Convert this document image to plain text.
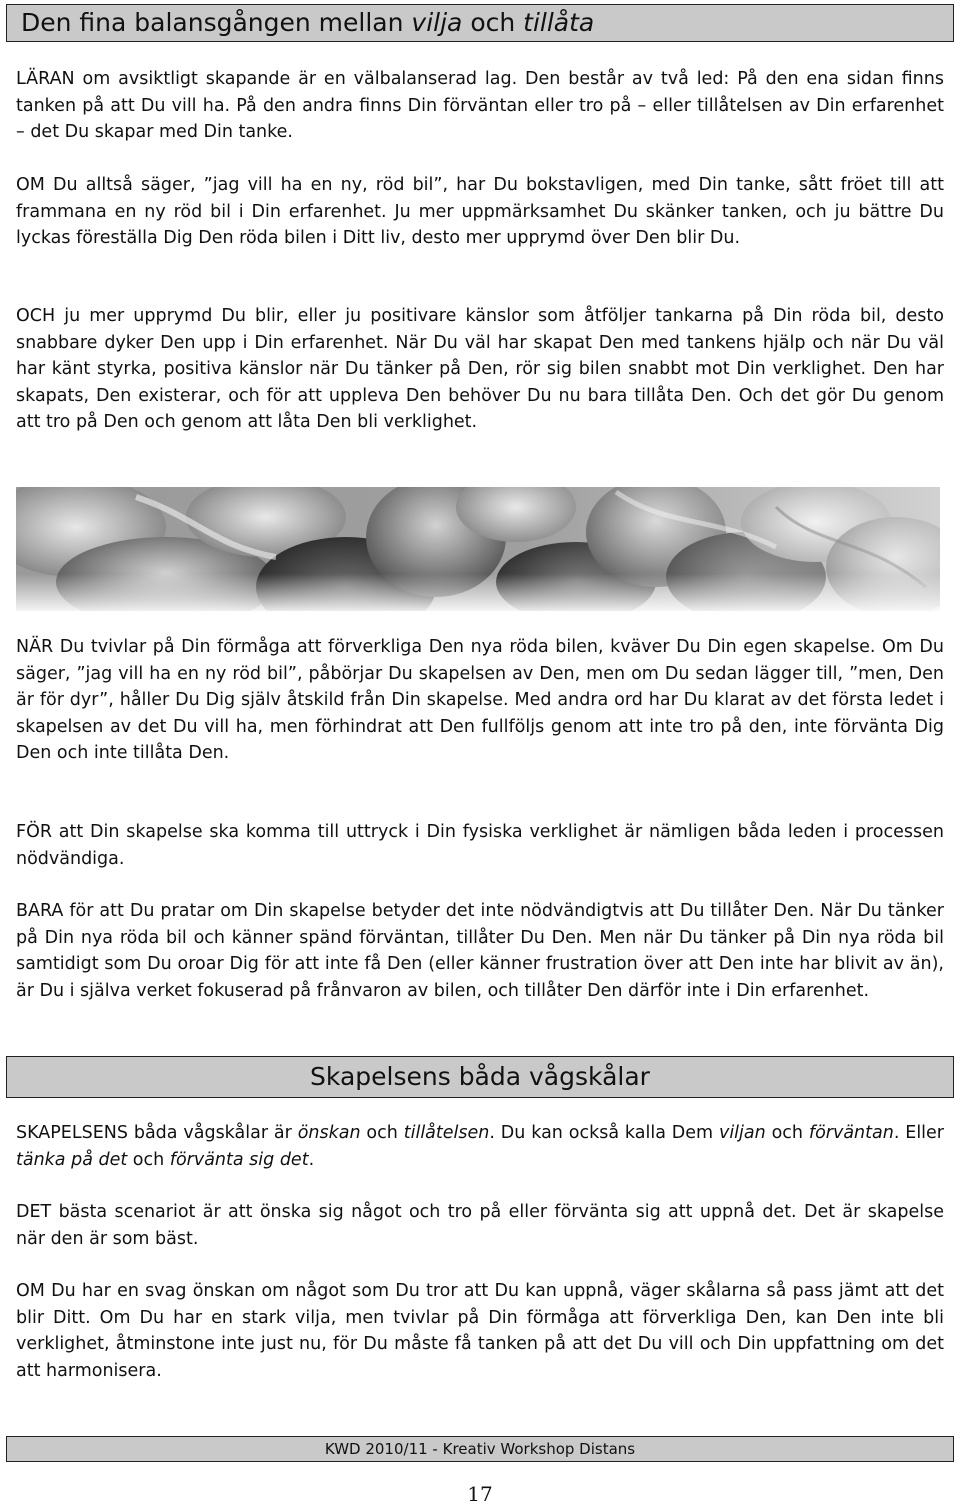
Den fina balansgången mellan vilja och tillåta

LÄRAN om avsiktligt skapande är en välbalanserad lag. Den består av två led: På den ena sidan finns tanken på att Du vill ha. På den andra finns Din förväntan eller tro på – eller tillåtelsen av Din erfarenhet – det Du skapar med Din tanke.

OM Du alltså säger, ”jag vill ha en ny, röd bil”, har Du bokstavligen, med Din tanke, sått fröet till att frammana en ny röd bil i Din erfarenhet. Ju mer uppmärksamhet Du skänker tanken, och ju bättre Du lyckas föreställa Dig Den röda bilen i Ditt liv, desto mer upprymd över Den blir Du.

OCH ju mer upprymd Du blir, eller ju positivare känslor som åtföljer tankarna på Din röda bil, desto snabbare dyker Den upp i Din erfarenhet. När Du väl har skapat Den med tankens hjälp och när Du väl har känt styrka, positiva känslor när Du tänker på Den, rör sig bilen snabbt mot Din verklighet. Den har skapats, Den existerar, och för att uppleva Den behöver Du nu bara tillåta Den. Och det gör Du genom att tro på Den och genom att låta Den bli verklighet.

NÄR Du tvivlar på Din förmåga att förverkliga Den nya röda bilen, kväver Du Din egen skapelse. Om Du säger, ”jag vill ha en ny röd bil”, påbörjar Du skapelsen av Den, men om Du sedan lägger till, ”men, Den är för dyr”, håller Du Dig själv åtskild från Din skapelse. Med andra ord har Du klarat av det första ledet i skapelsen av det Du vill ha, men förhindrat att Den fullföljs genom att inte tro på den, inte förvänta Dig Den och inte tillåta Den.

FÖR att Din skapelse ska komma till uttryck i Din fysiska verklighet är nämligen båda leden i processen nödvändiga.

BARA för att Du pratar om Din skapelse betyder det inte nödvändigtvis att Du tillåter Den. När Du tänker på Din nya röda bil och känner spänd förväntan, tillåter Du Den. Men när Du tänker på Din nya röda bil samtidigt som Du oroar Dig för att inte få Den (eller känner frustration över att Den inte har blivit av än), är Du i själva verket fokuserad på frånvaron av bilen, och tillåter Den därför inte i Din erfarenhet.

Skapelsens båda vågskålar

SKAPELSENS båda vågskålar är önskan och tillåtelsen. Du kan också kalla Dem viljan och förväntan. Eller tänka på det och förvänta sig det.

DET bästa scenariot är att önska sig något och tro på eller förvänta sig att uppnå det. Det är skapelse när den är som bäst.

OM Du har en svag önskan om något som Du tror att Du kan uppnå, väger skålarna så pass jämt att det blir Ditt. Om Du har en stark vilja, men tvivlar på Din förmåga att förverkliga Den, kan Den inte bli verklighet, åtminstone inte just nu, för Du måste få tanken på att det Du vill och Din uppfattning om det att harmonisera.

KWD 2010/11 - Kreativ Workshop Distans
17
